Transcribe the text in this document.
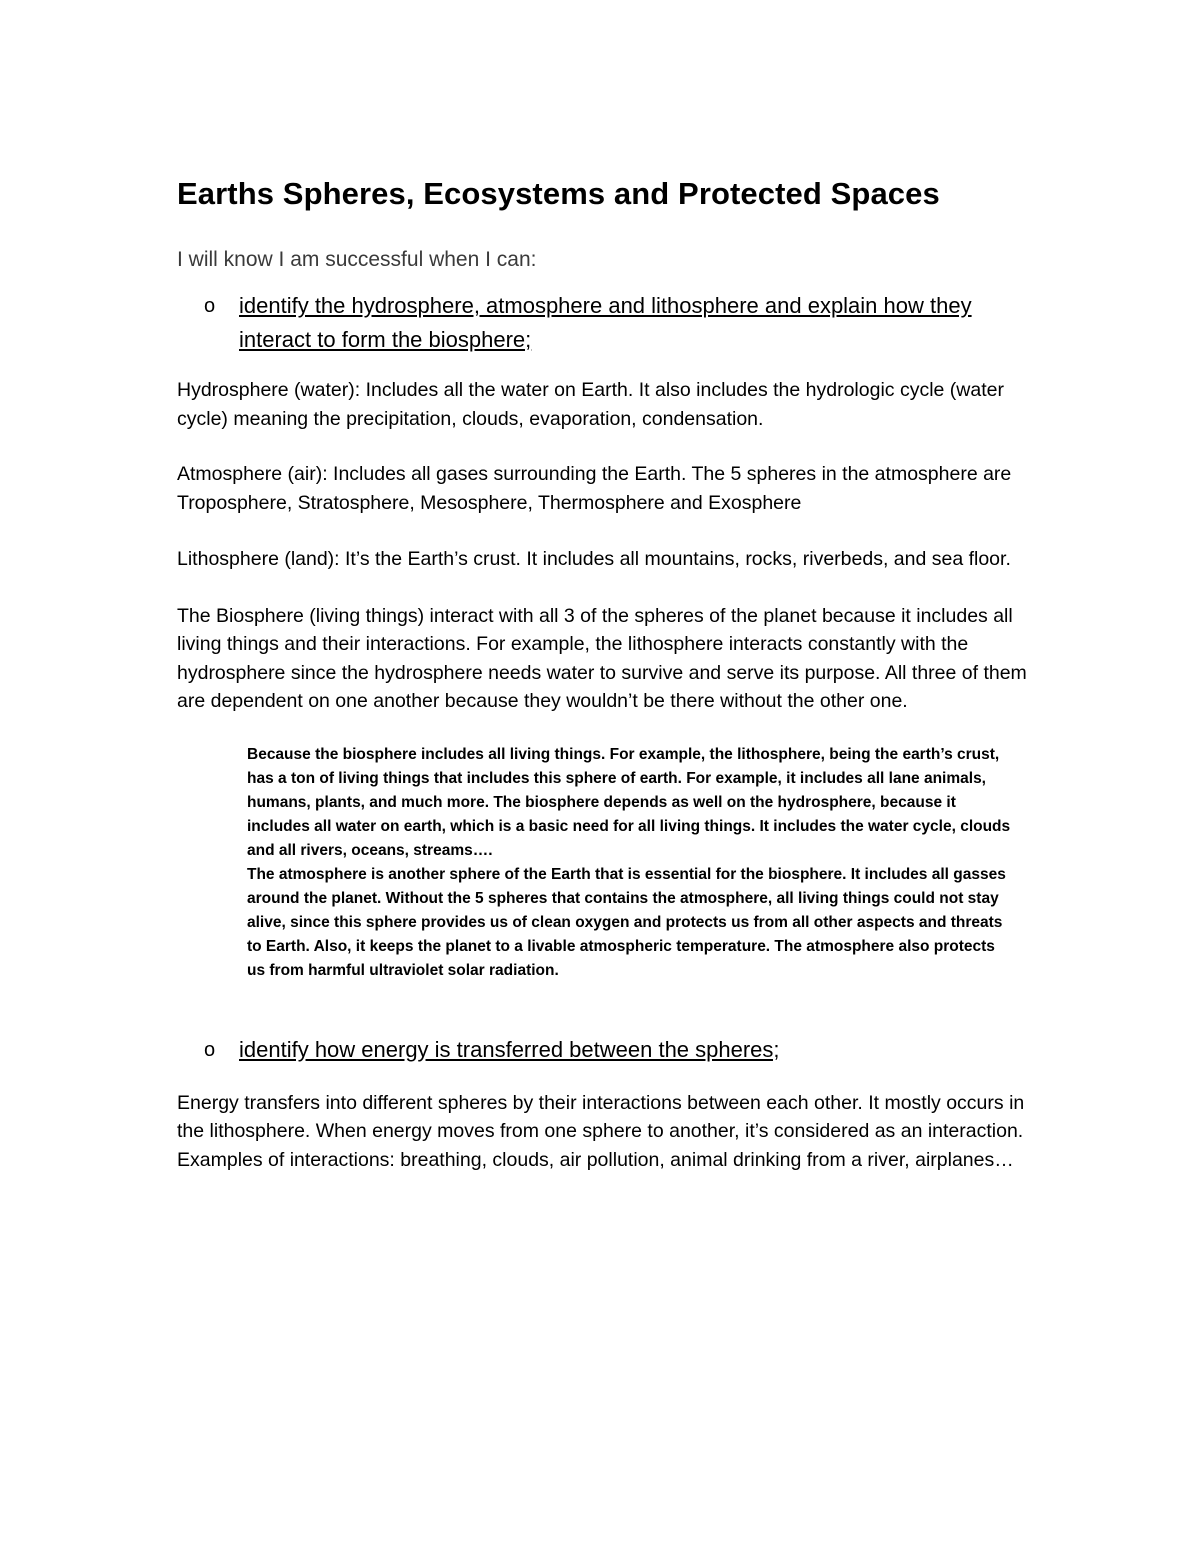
Earths Spheres, Ecosystems and Protected Spaces

I will know I am successful when I can:

o	identify the hydrosphere, atmosphere and lithosphere and explain how they interact to form the biosphere;

Hydrosphere (water): Includes all the water on Earth. It also includes the hydrologic cycle (water cycle) meaning the precipitation, clouds, evaporation, condensation.

Atmosphere (air): Includes all gases surrounding the Earth. The 5 spheres in the atmosphere are Troposphere, Stratosphere, Mesosphere, Thermosphere and Exosphere

Lithosphere (land): It’s the Earth’s crust. It includes all mountains, rocks, riverbeds, and sea floor.

The Biosphere (living things) interact with all 3 of the spheres of the planet because it includes all living things and their interactions. For example, the lithosphere interacts constantly with the hydrosphere since the hydrosphere needs water to survive and serve its purpose. All three of them are dependent on one another because they wouldn’t be there without the other one.

Because the biosphere includes all living things. For example, the lithosphere, being the earth’s crust, has a ton of living things that includes this sphere of earth. For example, it includes all lane animals, humans, plants, and much more. The biosphere depends as well on the hydrosphere, because it includes all water on earth, which is a basic need for all living things. It includes the water cycle, clouds and all rivers, oceans, streams….

The atmosphere is another sphere of the Earth that is essential for the biosphere. It includes all gasses around the planet. Without the 5 spheres that contains the atmosphere, all living things could not stay alive, since this sphere provides us of clean oxygen and protects us from all other aspects and threats to Earth. Also, it keeps the planet to a livable atmospheric temperature. The atmosphere also protects us from harmful ultraviolet solar radiation.

o	identify how energy is transferred between the spheres;

Energy transfers into different spheres by their interactions between each other. It mostly occurs in the lithosphere. When energy moves from one sphere to another, it’s considered as an interaction. Examples of interactions: breathing, clouds, air pollution, animal drinking from a river, airplanes…
